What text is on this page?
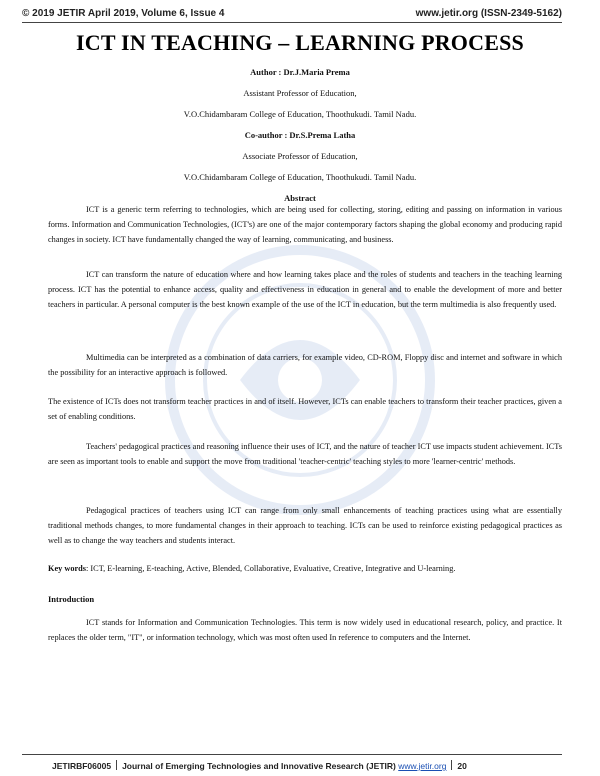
© 2019 JETIR April 2019, Volume 6, Issue 4	www.jetir.org (ISSN-2349-5162)
ICT IN TEACHING – LEARNING PROCESS
Author : Dr.J.Maria Prema
Assistant Professor of Education,
V.O.Chidambaram College of Education, Thoothukudi. Tamil Nadu.
Co-author : Dr.S.Prema Latha
Associate Professor of Education,
V.O.Chidambaram College of Education, Thoothukudi. Tamil Nadu.
Abstract

ICT is a generic term referring to technologies, which are being used for collecting, storing, editing and passing on information in various forms. Information and Communication Technologies, (ICT's) are one of the major contemporary factors shaping the global economy and producing rapid changes in society. ICT have fundamentally changed the way of learning, communicating, and business.

ICT can transform the nature of education where and how learning takes place and the roles of students and teachers in the teaching learning process. ICT has the potential to enhance access, quality and effectiveness in education in general and to enable the development of more and better teachers in particular. A personal computer is the best known example of the use of the ICT in education, but the term multimedia is also frequently used.

Multimedia can be interpreted as a combination of data carriers, for example video, CD-ROM, Floppy disc and internet and software in which the possibility for an interactive approach is followed.

The existence of ICTs does not transform teacher practices in and of itself. However, ICTs can enable teachers to transform their teacher practices, given a set of enabling conditions.

Teachers' pedagogical practices and reasoning influence their uses of ICT, and the nature of teacher ICT use impacts student achievement. ICTs are seen as important tools to enable and support the move from traditional 'teacher-centric' teaching styles to more 'learner-centric' methods.

Pedagogical practices of teachers using ICT can range from only small enhancements of teaching practices using what are essentially traditional methods changes, to more fundamental changes in their approach to teaching. ICTs can be used to reinforce existing pedagogical practices as well as to change the way teachers and students interact.

Key words: ICT, E-learning, E-teaching, Active, Blended, Collaborative, Evaluative, Creative, Integrative and U-learning.

Introduction

ICT stands for Information and Communication Technologies. This term is now widely used in educational research, policy, and practice. It replaces the older term, "IT", or information technology, which was most often used In reference to computers and the Internet.

JETIRBF06005 Journal of Emerging Technologies and Innovative Research (JETIR) www.jetir.org 20
